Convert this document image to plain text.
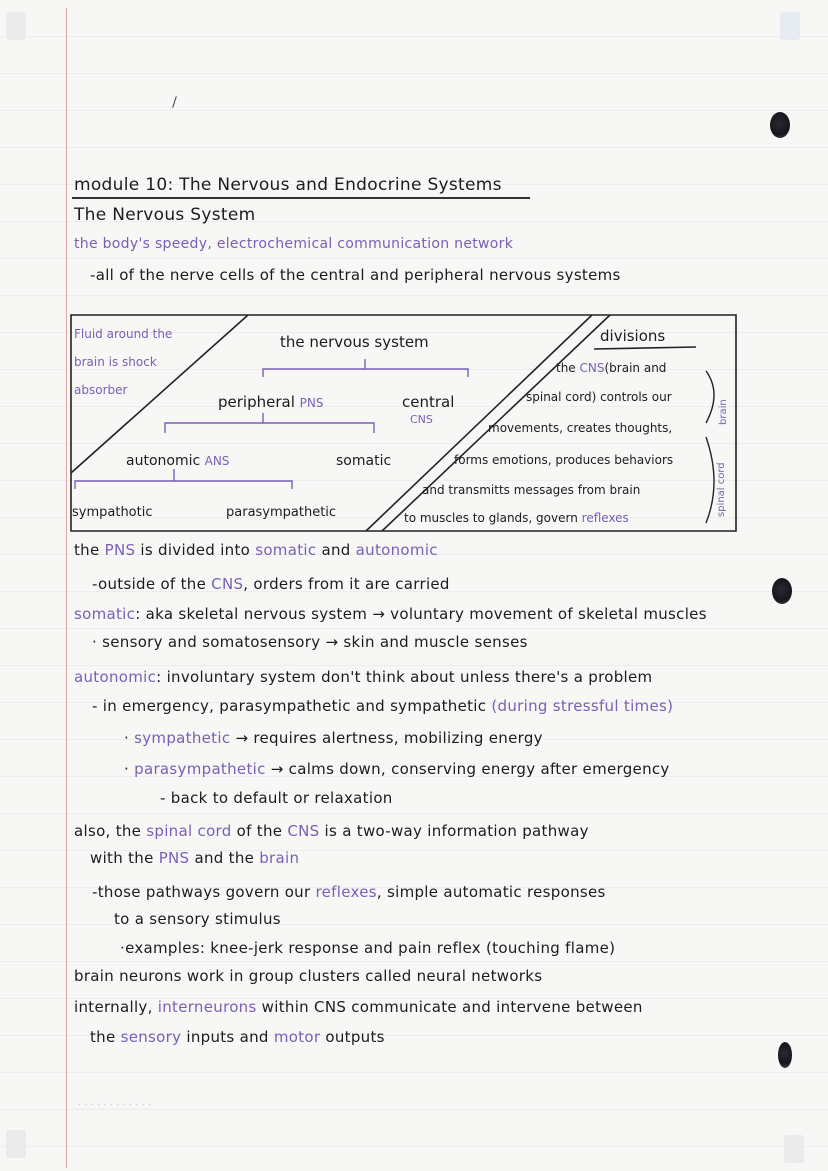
module 10: The Nervous and Endocrine Systems
The Nervous System
the body's speedy, electrochemical communication network
-all of the nerve cells of the central and peripheral nervous systems
Fluid around the
brain is shock
absorber
the nervous system
peripheral PNS	central
CNS
autonomic ANS	somatic
sympathotic	parasympathetic
divisions
the CNS(brain and
spinal cord) controls our
movements, creates thoughts,
forms emotions, produces behaviors
and transmitts messages from brain
to muscles to glands, govern reflexes
brain
spinal cord
the PNS is divided into somatic and autonomic
-outside of the CNS, orders from it are carried
somatic: aka skeletal nervous system → voluntary movement of skeletal muscles
· sensory and somatosensory → skin and muscle senses
autonomic: involuntary system don't think about unless there's a problem
- in emergency, parasympathetic and sympathetic (during stressful times)
· sympathetic → requires alertness, mobilizing energy
· parasympathetic → calms down, conserving energy after emergency
- back to default or relaxation
also, the spinal cord of the CNS is a two-way information pathway
with the PNS and the brain
-those pathways govern our reflexes, simple automatic responses
to a sensory stimulus
·examples: knee-jerk response and pain reflex (touching flame)
brain neurons work in group clusters called neural networks
internally, interneurons within CNS communicate and intervene between
the sensory inputs and motor outputs
· · · · · · · · · · · ·
